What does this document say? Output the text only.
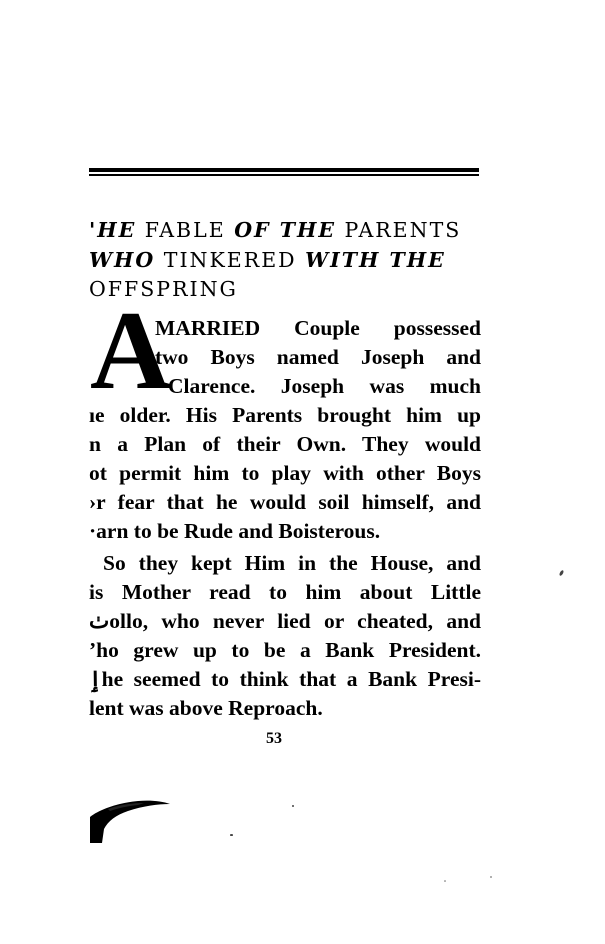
'HE FABLE OF THE PARENTS
WHO TINKERED WITH THE
OFFSPRING
A
MARRIED Couple possessed
two Boys named Joseph and
Clarence. Joseph was much
ıe older. His Parents brought him up
n a Plan of their Own. They would
ot permit him to play with other Boys
›r fear that he would soil himself, and
·arn to be Rude and Boisterous.
So they kept Him in the House, and
is Mother read to him about Little
ٺollo, who never lied or cheated, and
ʼho grew up to be a Bank President.
ٳhe seemed to think that a Bank Presi-
lent was above Reproach.
53
